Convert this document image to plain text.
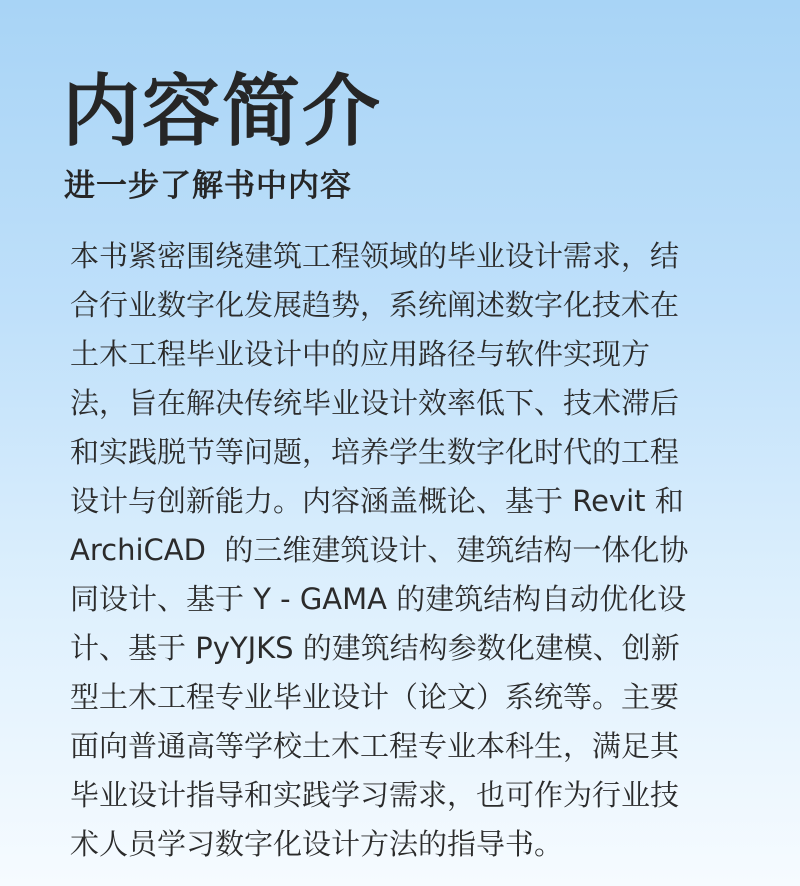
内容简介
进一步了解书中内容
本书紧密围绕建筑工程领域的毕业设计需求，结
合行业数字化发展趋势，系统阐述数字化技术在
土木工程毕业设计中的应用路径与软件实现方
法，旨在解决传统毕业设计效率低下、技术滞后
和实践脱节等问题，培养学生数字化时代的工程
设计与创新能力。内容涵盖概论、基于 Revit 和
ArchiCAD  的三维建筑设计、建筑结构一体化协
同设计、基于 Y - GAMA 的建筑结构自动优化设
计、基于 PyYJKS 的建筑结构参数化建模、创新
型土木工程专业毕业设计（论文）系统等。主要
面向普通高等学校土木工程专业本科生，满足其
毕业设计指导和实践学习需求，也可作为行业技
术人员学习数字化设计方法的指导书。
